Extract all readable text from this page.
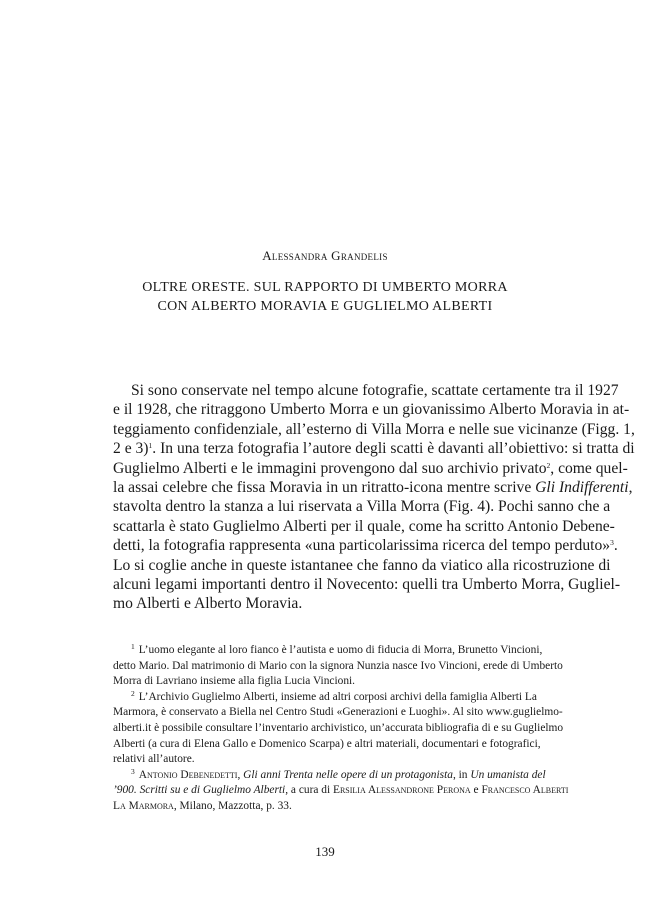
Alessandra Grandelis
OLTRE ORESTE. SUL RAPPORTO DI UMBERTO MORRA
CON ALBERTO MORAVIA E GUGLIELMO ALBERTI
Si sono conservate nel tempo alcune fotografie, scattate certamente tra il 1927
e il 1928, che ritraggono Umberto Morra e un giovanissimo Alberto Moravia in at-
teggiamento confidenziale, all’esterno di Villa Morra e nelle sue vicinanze (Figg. 1,
2 e 3)$^1$. In una terza fotografia l’autore degli scatti è davanti all’obiettivo: si tratta di
Guglielmo Alberti e le immagini provengono dal suo archivio privato$^2$, come quel-
la assai celebre che fissa Moravia in un ritratto-icona mentre scrive Gli Indifferenti,
stavolta dentro la stanza a lui riservata a Villa Morra (Fig. 4). Pochi sanno che a
scattarla è stato Guglielmo Alberti per il quale, come ha scritto Antonio Debene-
detti, la fotografia rappresenta «una particolarissima ricerca del tempo perduto»$^3$.
Lo si coglie anche in queste istantanee che fanno da viatico alla ricostruzione di
alcuni legami importanti dentro il Novecento: quelli tra Umberto Morra, Gugliel-
mo Alberti e Alberto Moravia.
$^1$ L’uomo elegante al loro fianco è l’autista e uomo di fiducia di Morra, Brunetto Vincioni,
detto Mario. Dal matrimonio di Mario con la signora Nunzia nasce Ivo Vincioni, erede di Umberto
Morra di Lavriano insieme alla figlia Lucia Vincioni.
$^2$ L’Archivio Guglielmo Alberti, insieme ad altri corposi archivi della famiglia Alberti La
Marmora, è conservato a Biella nel Centro Studi «Generazioni e Luoghi». Al sito www.guglielmo-
alberti.it è possibile consultare l’inventario archivistico, un’accurata bibliografia di e su Guglielmo
Alberti (a cura di Elena Gallo e Domenico Scarpa) e altri materiali, documentari e fotografici,
relativi all’autore.
$^3$ Antonio Debenedetti, Gli anni Trenta nelle opere di un protagonista, in Un umanista del
’900. Scritti su e di Guglielmo Alberti, a cura di Ersilia Alessandrone Perona e Francesco Alberti
La Marmora, Milano, Mazzotta, p. 33.
139
